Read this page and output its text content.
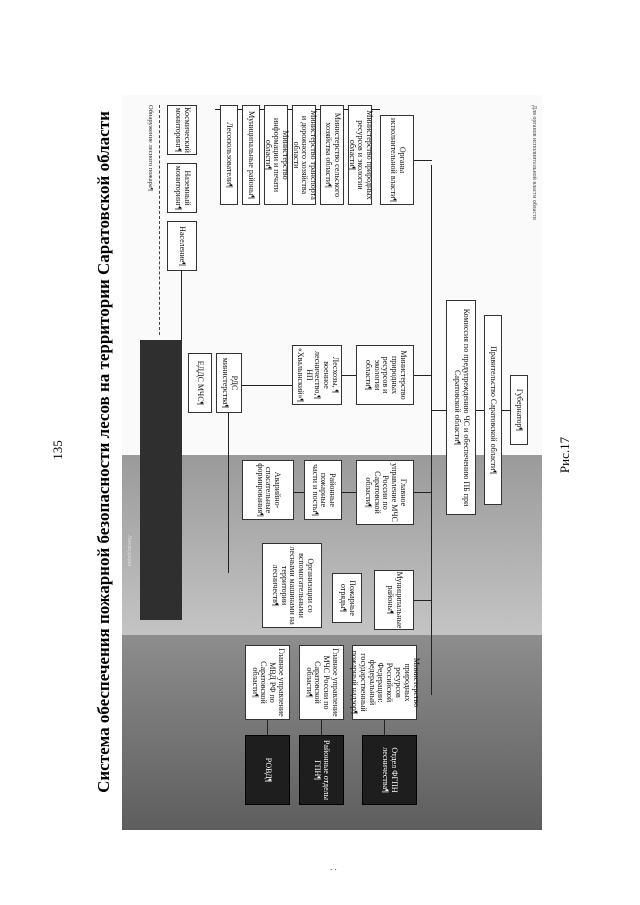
135 Система обеспечения пожарной безопасности лесов на территории Саратовской области	Для органов исполнительной власти области
Губернатор¶
Правительство Саратовской области¶
Комиссия по предупреждению ЧС и обеспечению ПБ при Саратовской области¶
Органы исполнительной власти¶
Министерство природных ресурсов и экологии области¶
Министерство сельского хозяйства области¶
Министерство транспорта и дорожного хозяйства области
Министерство информации и печати области¶
Муниципальные районы¶
Лесопользователи¶
Космический мониторинг¶
Наземный мониторинг¶
Население¶
Обнаружение лесного пожара¶
Министерство природных ресурсов и экологии области¶
Главное управление МЧС России по Саратовской области¶
Муниципальные районы¶
Лесхозы, ¶ военное лесничество,¶ НП «Хвалынский»¶
Районные пожарные части и посты¶
Пожарные отряды¶
Аварийно-спасательные формирования¶
Организации со вспомогательными лесными машинами на территории лесничеств¶
РДС министерства¶
ЕДДС МЧС¶
Министерство природных ресурсов Российской Федерации: федеральный государственный пожарный надзор¶
Главное управление МЧС России по Саратовской области¶
Главное управление МВД РФ по Саратовской области¶
Отдел ФГПН лесничества¶
Районные отделы ГПН¶
РОВД¶
Ликвидация
Рис.17
. .
